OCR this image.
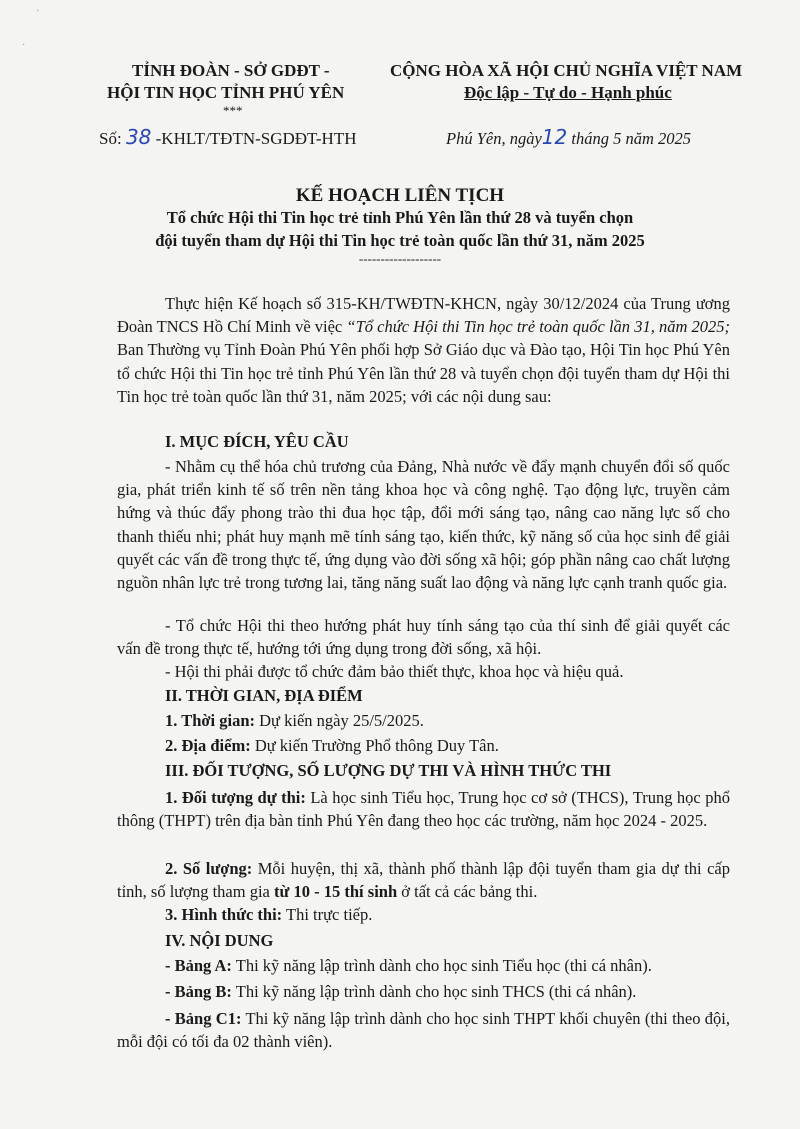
·
·
TỈNH ĐOÀN - SỞ GDĐT -
HỘI TIN HỌC TỈNH PHÚ YÊN
***
Số: 38 -KHLT/TĐTN-SGDĐT-HTH
CỘNG HÒA XÃ HỘI CHỦ NGHĨA VIỆT NAM
Độc lập - Tự do - Hạnh phúc
Phú Yên, ngày12 tháng 5 năm 2025
KẾ HOẠCH LIÊN TỊCH
Tổ chức Hội thi Tin học trẻ tỉnh Phú Yên lần thứ 28 và tuyển chọn
đội tuyển tham dự Hội thi Tin học trẻ toàn quốc lần thứ 31, năm 2025
-------------------
Thực hiện Kế hoạch số 315-KH/TWĐTN-KHCN, ngày 30/12/2024 của Trung ương Đoàn TNCS Hồ Chí Minh về việc “Tổ chức Hội thi Tin học trẻ toàn quốc lần 31, năm 2025; Ban Thường vụ Tỉnh Đoàn Phú Yên phối hợp Sở Giáo dục và Đào tạo, Hội Tin học Phú Yên tổ chức Hội thi Tin học trẻ tỉnh Phú Yên lần thứ 28 và tuyển chọn đội tuyển tham dự Hội thi Tin học trẻ toàn quốc lần thứ 31, năm 2025; với các nội dung sau:
I. MỤC ĐÍCH, YÊU CẦU
- Nhằm cụ thể hóa chủ trương của Đảng, Nhà nước về đẩy mạnh chuyển đổi số quốc gia, phát triển kinh tế số trên nền tảng khoa học và công nghệ. Tạo động lực, truyền cảm hứng và thúc đẩy phong trào thi đua học tập, đổi mới sáng tạo, nâng cao năng lực số cho thanh thiếu nhi; phát huy mạnh mẽ tính sáng tạo, kiến thức, kỹ năng số của học sinh để giải quyết các vấn đề trong thực tế, ứng dụng vào đời sống xã hội; góp phần nâng cao chất lượng nguồn nhân lực trẻ trong tương lai, tăng năng suất lao động và năng lực cạnh tranh quốc gia.
- Tổ chức Hội thi theo hướng phát huy tính sáng tạo của thí sinh để giải quyết các vấn đề trong thực tế, hướng tới ứng dụng trong đời sống, xã hội.
- Hội thi phải được tổ chức đảm bảo thiết thực, khoa học và hiệu quả.
II. THỜI GIAN, ĐỊA ĐIỂM
1. Thời gian: Dự kiến ngày 25/5/2025.
2. Địa điểm: Dự kiến Trường Phổ thông Duy Tân.
III. ĐỐI TƯỢNG, SỐ LƯỢNG DỰ THI VÀ HÌNH THỨC THI
1. Đối tượng dự thi: Là học sinh Tiểu học, Trung học cơ sở (THCS), Trung học phổ thông (THPT) trên địa bàn tỉnh Phú Yên đang theo học các trường, năm học 2024 - 2025.
2. Số lượng: Mỗi huyện, thị xã, thành phố thành lập đội tuyển tham gia dự thi cấp tỉnh, số lượng tham gia từ 10 - 15 thí sinh ở tất cả các bảng thi.
3. Hình thức thi: Thi trực tiếp.
IV. NỘI DUNG
- Bảng A: Thi kỹ năng lập trình dành cho học sinh Tiểu học (thi cá nhân).
- Bảng B: Thi kỹ năng lập trình dành cho học sinh THCS (thi cá nhân).
- Bảng C1: Thi kỹ năng lập trình dành cho học sinh THPT khối chuyên (thi theo đội, mỗi đội có tối đa 02 thành viên).
